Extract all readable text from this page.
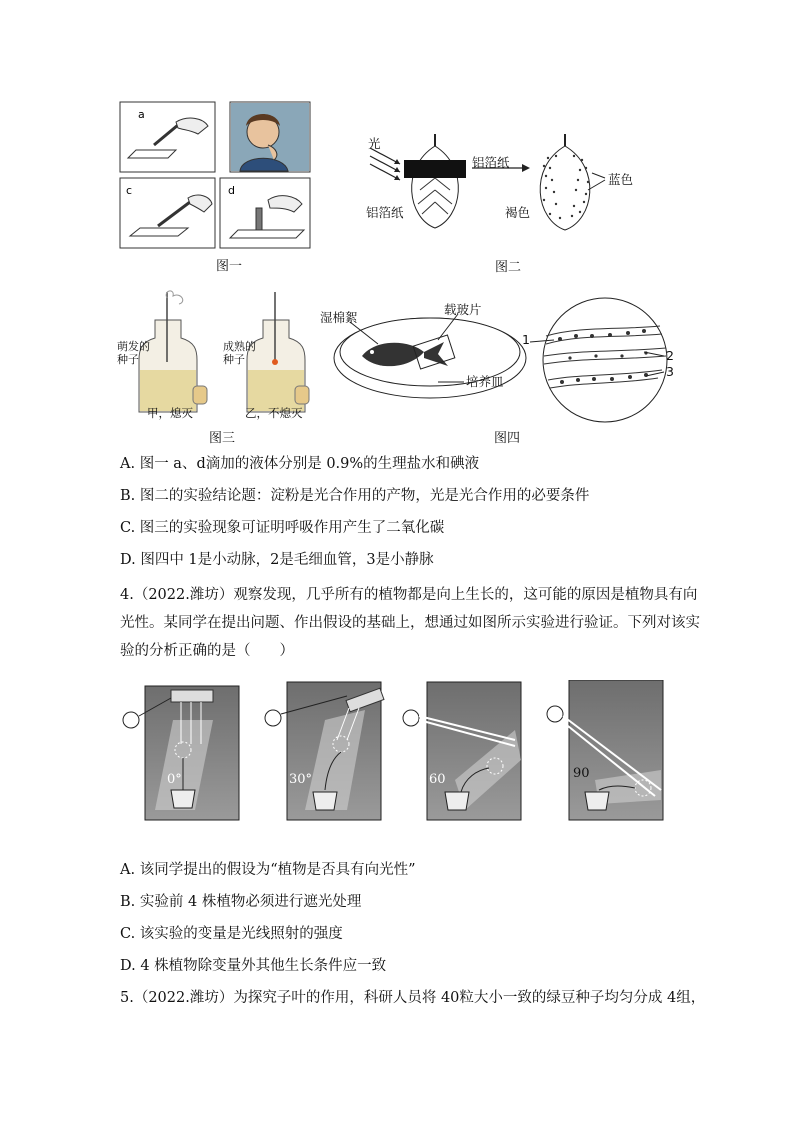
a
c	d
图一
光
铝箔纸
铝箔纸
蓝色
褐色
图二
萌发的
种子
成熟的
种子
甲，熄灭	乙，不熄灭
图三
湿棉絮
载玻片
培养皿
1
2
3
图四
A. 图一 a、d滴加的液体分别是 0.9%的生理盐水和碘液
B. 图二的实验结论题：淀粉是光合作用的产物，光是光合作用的必要条件
C. 图三的实验现象可证明呼吸作用产生了二氧化碳
D. 图四中 1是小动脉，2是毛细血管，3是小静脉
4.（2022.潍坊）观察发现，几乎所有的植物都是向上生长的，这可能的原因是植物具有向
光性。某同学在提出问题、作出假设的基础上，想通过如图所示实验进行验证。下列对该实
验的分析正确的是（　　）
0°	30°	60	90
A. 该同学提出的假设为“植物是否具有向光性”
B. 实验前 4 株植物必须进行遮光处理
C. 该实验的变量是光线照射的强度
D. 4 株植物除变量外其他生长条件应一致
5.（2022.潍坊）为探究子叶的作用，科研人员将 40粒大小一致的绿豆种子均匀分成 4组，
